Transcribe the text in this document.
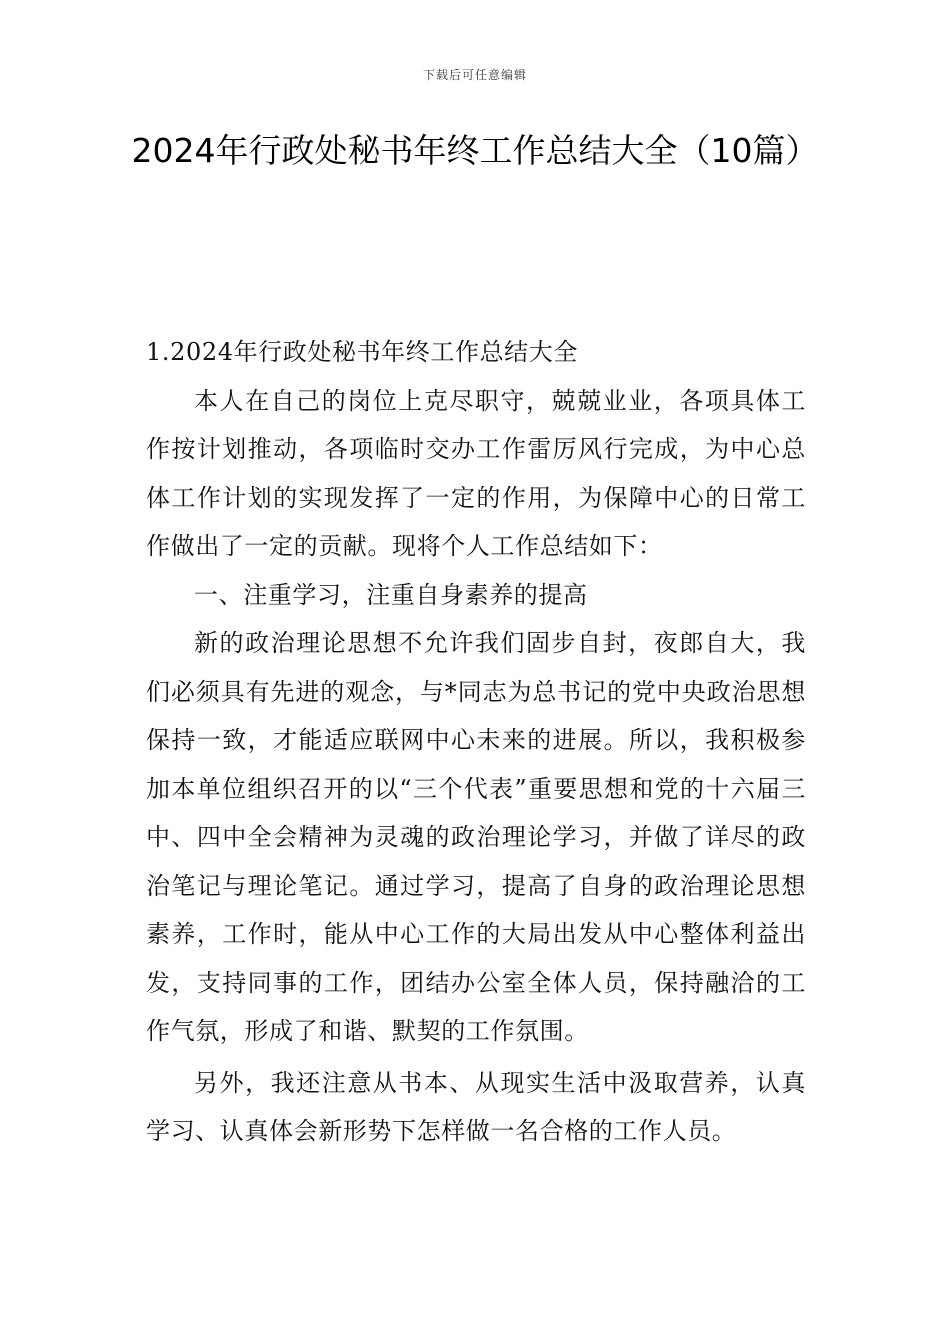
下载后可任意编辑
2024年行政处秘书年终工作总结大全（10篇）

1.2024年行政处秘书年终工作总结大全

本人在自己的岗位上克尽职守，兢兢业业，各项具体工作按计划推动，各项临时交办工作雷厉风行完成，为中心总体工作计划的实现发挥了一定的作用，为保障中心的日常工作做出了一定的贡献。现将个人工作总结如下：

一、注重学习，注重自身素养的提高

新的政治理论思想不允许我们固步自封，夜郎自大，我们必须具有先进的观念，与*同志为总书记的党中央政治思想保持一致，才能适应联网中心未来的进展。所以，我积极参加本单位组织召开的以“三个代表”重要思想和党的十六届三中、四中全会精神为灵魂的政治理论学习，并做了详尽的政治笔记与理论笔记。通过学习，提高了自身的政治理论思想素养，工作时，能从中心工作的大局出发从中心整体利益出发，支持同事的工作，团结办公室全体人员，保持融洽的工作气氛，形成了和谐、默契的工作氛围。

另外，我还注意从书本、从现实生活中汲取营养，认真学习、认真体会新形势下怎样做一名合格的工作人员。
